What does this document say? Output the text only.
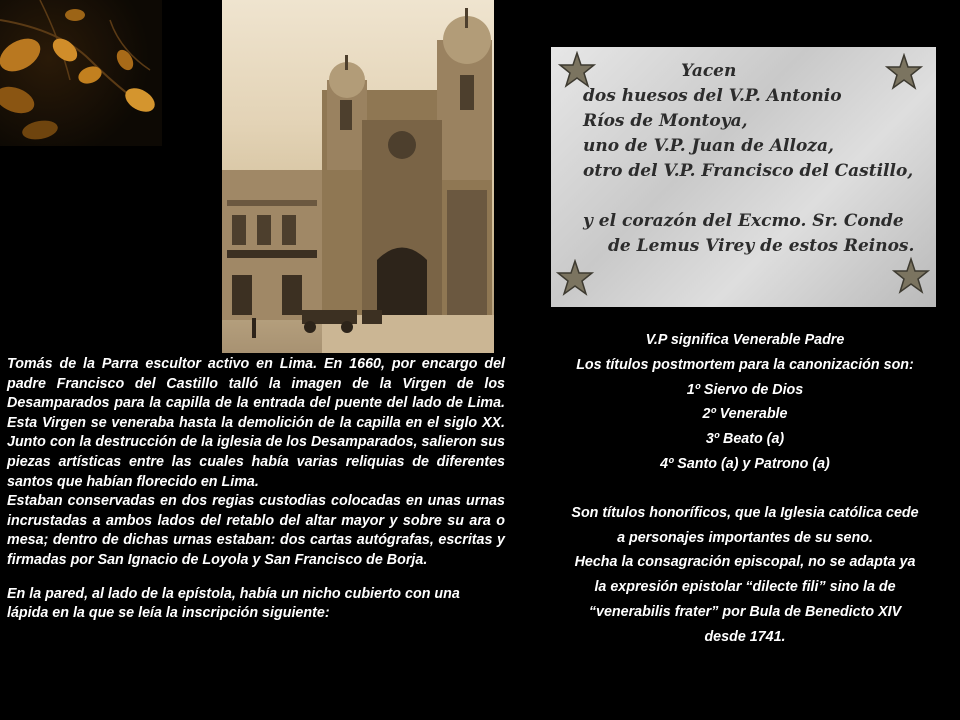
Yacen
dos huesos del V.P. Antonio
Ríos de Montoya,
uno de V.P. Juan de Alloza,
otro del V.P. Francisco del Castillo,
y el corazón del Excmo. Sr. Conde
de Lemus Virey de estos Reinos.

Tomás de la Parra escultor activo en Lima. En 1660, por encargo del padre Francisco del Castillo talló la imagen de la Virgen de los Desamparados para la capilla de la entrada del puente del lado de Lima. Esta Virgen se veneraba hasta la demolición de la capilla en el siglo XX. Junto con la destrucción de la iglesia de los Desamparados, salieron sus piezas artísticas entre las cuales había varias reliquias de diferentes santos que habían florecido en Lima.

Estaban conservadas en dos regias custodias colocadas en unas urnas incrustadas a ambos lados del retablo del altar mayor y sobre su ara o mesa; dentro de dichas urnas estaban: dos cartas autógrafas, escritas y firmadas por San Ignacio de Loyola y San Francisco de Borja.

En la pared, al lado de la epístola, había un nicho cubierto con una lápida en la que se leía la inscripción siguiente:

V.P significa Venerable Padre
Los títulos postmortem para la canonización son:
1º Siervo de Dios
2º Venerable
3º Beato (a)
4º Santo (a) y Patrono (a)
Son títulos honoríficos, que la Iglesia católica cede
a personajes importantes de su seno.
Hecha la consagración episcopal, no se adapta ya
la expresión epistolar “dilecte fili” sino la de
“venerabilis frater” por Bula de Benedicto XIV
desde 1741.
